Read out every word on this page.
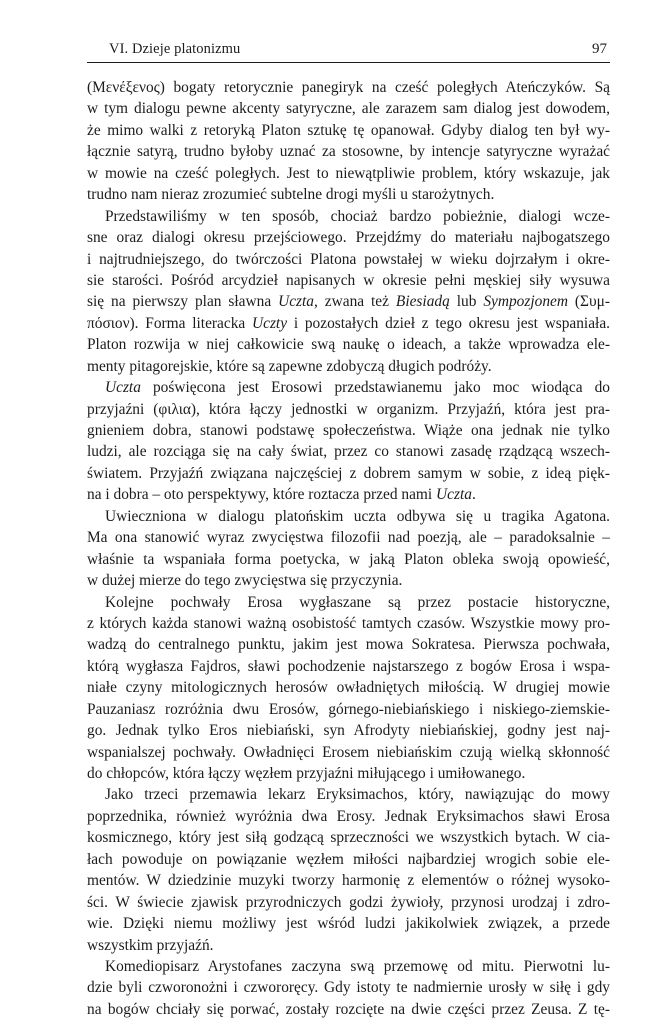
VI. Dzieje platonizmu	97
(Μενέξενος) bogaty retorycznie panegiryk na cześć poległych Ateńczyków. Są
w tym dialogu pewne akcenty satyryczne, ale zarazem sam dialog jest dowodem,
że mimo walki z retoryką Platon sztukę tę opanował. Gdyby dialog ten był wy-
łącznie satyrą, trudno byłoby uznać za stosowne, by intencje satyryczne wyrażać
w mowie na cześć poległych. Jest to niewątpliwie problem, który wskazuje, jak
trudno nam nieraz zrozumieć subtelne drogi myśli u starożytnych.
Przedstawiliśmy w ten sposób, chociaż bardzo pobieżnie, dialogi wcze-
sne oraz dialogi okresu przejściowego. Przejdźmy do materiału najbogatszego
i najtrudniejszego, do twórczości Platona powstałej w wieku dojrzałym i okre-
sie starości. Pośród arcydzieł napisanych w okresie pełni męskiej siły wysuwa
się na pierwszy plan sławna Uczta, zwana też Biesiadą lub Sympozjonem (Συμ-
πόσιον). Forma literacka Uczty i pozostałych dzieł z tego okresu jest wspaniała.
Platon rozwija w niej całkowicie swą naukę o ideach, a także wprowadza ele-
menty pitagorejskie, które są zapewne zdobyczą długich podróży.
Uczta poświęcona jest Erosowi przedstawianemu jako moc wiodąca do
przyjaźni (φιλια), która łączy jednostki w organizm. Przyjaźń, która jest pra-
gnieniem dobra, stanowi podstawę społeczeństwa. Wiąże ona jednak nie tylko
ludzi, ale rozciąga się na cały świat, przez co stanowi zasadę rządzącą wszech-
światem. Przyjaźń związana najczęściej z dobrem samym w sobie, z ideą pięk-
na i dobra – oto perspektywy, które roztacza przed nami Uczta.
Uwieczniona w dialogu platońskim uczta odbywa się u tragika Agatona.
Ma ona stanowić wyraz zwycięstwa filozofii nad poezją, ale – paradoksalnie –
właśnie ta wspaniała forma poetycka, w jaką Platon obleka swoją opowieść,
w dużej mierze do tego zwycięstwa się przyczynia.
Kolejne pochwały Erosa wygłaszane są przez postacie historyczne,
z których każda stanowi ważną osobistość tamtych czasów. Wszystkie mowy pro-
wadzą do centralnego punktu, jakim jest mowa Sokratesa. Pierwsza pochwała,
którą wygłasza Fajdros, sławi pochodzenie najstarszego z bogów Erosa i wspa-
niałe czyny mitologicznych herosów owładniętych miłością. W drugiej mowie
Pauzaniasz rozróżnia dwu Erosów, górnego-niebiańskiego i niskiego-ziemskie-
go. Jednak tylko Eros niebiański, syn Afrodyty niebiańskiej, godny jest naj-
wspanialszej pochwały. Owładnięci Erosem niebiańskim czują wielką skłonność
do chłopców, która łączy węzłem przyjaźni miłującego i umiłowanego.
Jako trzeci przemawia lekarz Eryksimachos, który, nawiązując do mowy
poprzednika, również wyróżnia dwa Erosy. Jednak Eryksimachos sławi Erosa
kosmicznego, który jest siłą godzącą sprzeczności we wszystkich bytach. W cia-
łach powoduje on powiązanie węzłem miłości najbardziej wrogich sobie ele-
mentów. W dziedzinie muzyki tworzy harmonię z elementów o różnej wysoko-
ści. W świecie zjawisk przyrodniczych godzi żywioły, przynosi urodzaj i zdro-
wie. Dzięki niemu możliwy jest wśród ludzi jakikolwiek związek, a przede
wszystkim przyjaźń.
Komediopisarz Arystofanes zaczyna swą przemowę od mitu. Pierwotni lu-
dzie byli czworonożni i czwororęcy. Gdy istoty te nadmiernie urosły w siłę i gdy
na bogów chciały się porwać, zostały rozcięte na dwie części przez Zeusa. Z tę-
